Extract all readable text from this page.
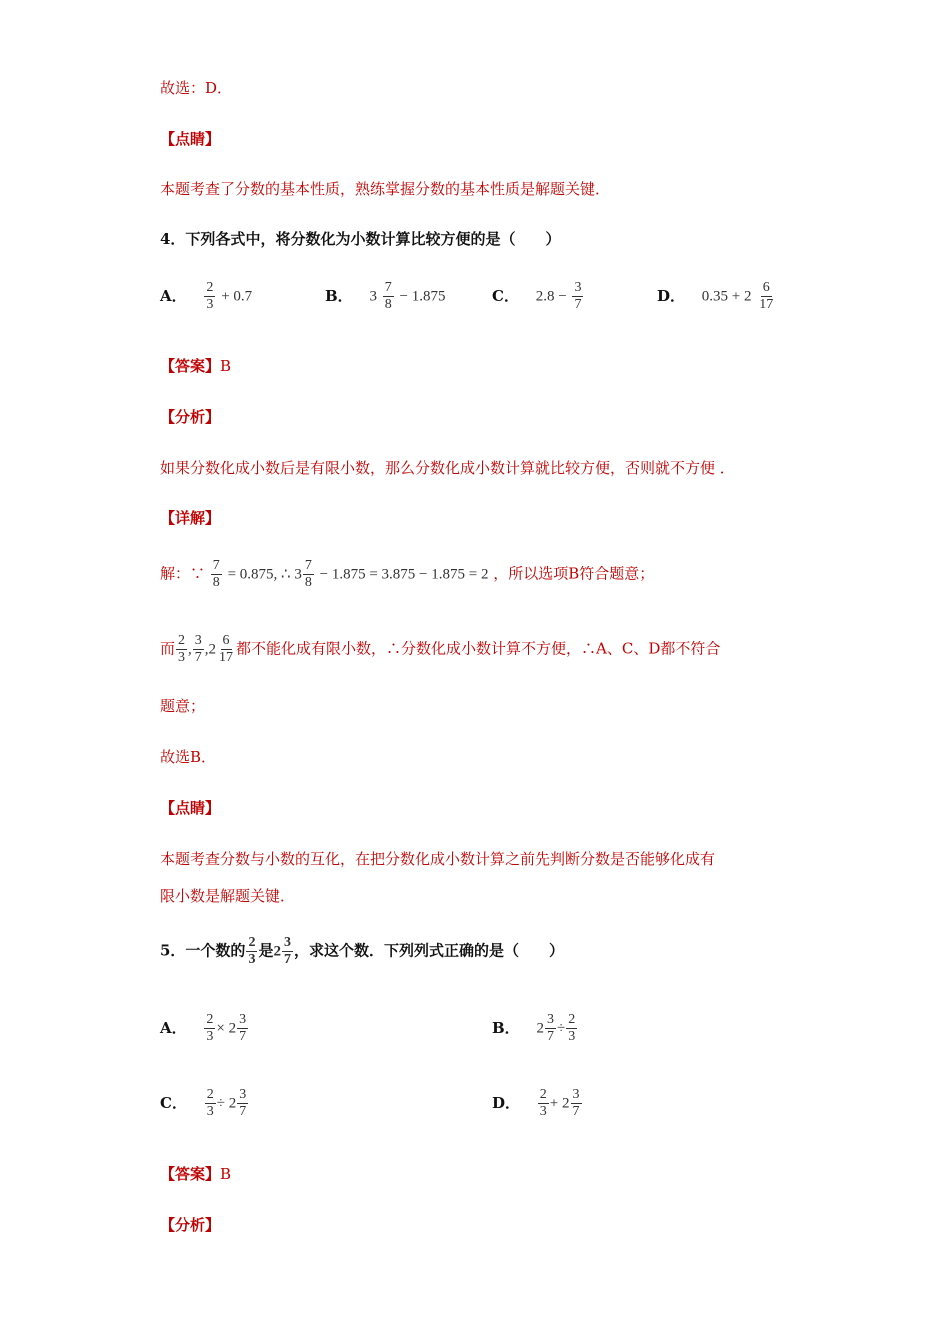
故选：D．
【点睛】
本题考查了分数的基本性质，熟练掌握分数的基本性质是解题关键．
4．下列各式中，将分数化为小数计算比较方便的是（　　）
A． $\frac{2}{3} + 0.7$	B． $3 \frac{7}{8} - 1.875$	C． $2.8 - \frac{3}{7}$	D． $0.35 + 2 \frac{6}{17}$
【答案】B
【分析】
如果分数化成小数后是有限小数，那么分数化成小数计算就比较方便，否则就不方便 ．
【详解】
解：∵ $\frac{7}{8} = 0.875$, ∴ $3 \frac{7}{8} - 1.875 = 3.875 - 1.875 = 2$ ，所以选项B符合题意；
而 $\frac{2}{3}$ , $\frac{3}{7} ,2 \frac{6}{17}$ 都不能化成有限小数，∴分数化成小数计算不方便，∴A、C、D都不符合
题意；
故选B．
【点睛】
本题考查分数与小数的互化，在把分数化成小数计算之前先判断分数是否能够化成有
限小数是解题关键．
5．一个数的 $\frac{2}{3}$ 是$2 \frac{3}{7}$ ，求这个数．下列列式正确的是（　　）
A． $\frac{2}{3} \times 2 \frac{3}{7}$	B． $2 \frac{3}{7} \div \frac{2}{3}$
C． $\frac{2}{3} \div 2 \frac{3}{7}$	D． $\frac{2}{3} + 2 \frac{3}{7}$
【答案】B
【分析】
